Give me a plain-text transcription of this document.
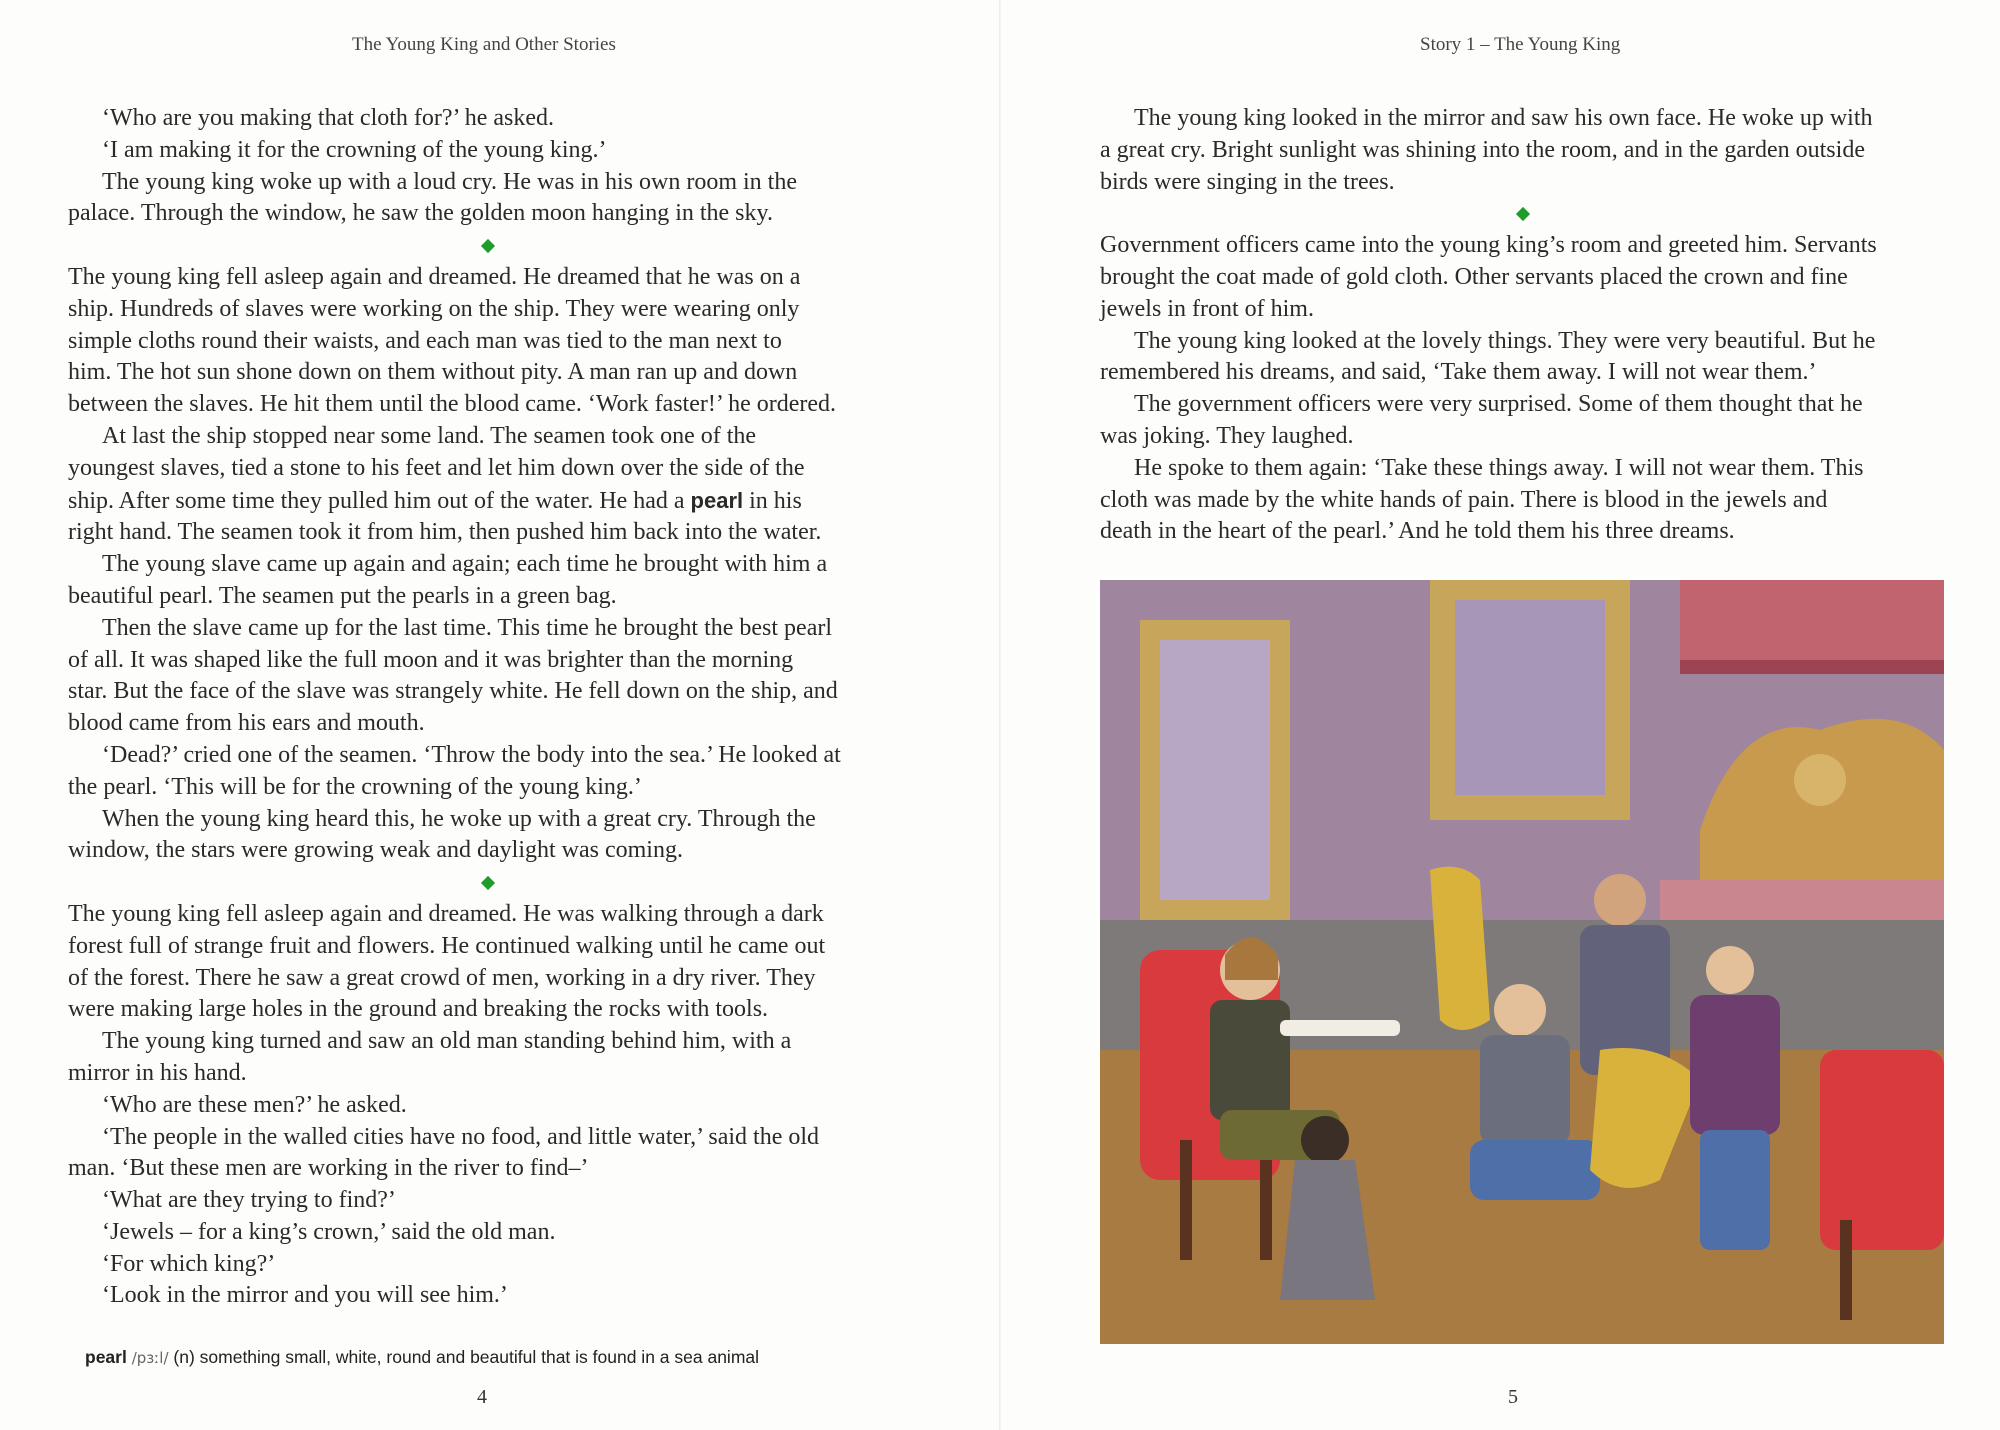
The Young King and Other Stories

‘Who are you making that cloth for?’ he asked.

‘I am making it for the crowning of the young king.’

The young king woke up with a loud cry. He was in his own room in the
palace. Through the window, he saw the golden moon hanging in the sky.

The young king fell asleep again and dreamed. He dreamed that he was on a
ship. Hundreds of slaves were working on the ship. They were wearing only
simple cloths round their waists, and each man was tied to the man next to
him. The hot sun shone down on them without pity. A man ran up and down
between the slaves. He hit them until the blood came. ‘Work faster!’ he ordered.

At last the ship stopped near some land. The seamen took one of the
youngest slaves, tied a stone to his feet and let him down over the side of the
ship. After some time they pulled him out of the water. He had a pearl in his
right hand. The seamen took it from him, then pushed him back into the water.

The young slave came up again and again; each time he brought with him a
beautiful pearl. The seamen put the pearls in a green bag.

Then the slave came up for the last time. This time he brought the best pearl
of all. It was shaped like the full moon and it was brighter than the morning
star. But the face of the slave was strangely white. He fell down on the ship, and
blood came from his ears and mouth.

‘Dead?’ cried one of the seamen. ‘Throw the body into the sea.’ He looked at
the pearl. ‘This will be for the crowning of the young king.’

When the young king heard this, he woke up with a great cry. Through the
window, the stars were growing weak and daylight was coming.

The young king fell asleep again and dreamed. He was walking through a dark
forest full of strange fruit and flowers. He continued walking until he came out
of the forest. There he saw a great crowd of men, working in a dry river. They
were making large holes in the ground and breaking the rocks with tools.

The young king turned and saw an old man standing behind him, with a
mirror in his hand.

‘Who are these men?’ he asked.

‘The people in the walled cities have no food, and little water,’ said the old
man. ‘But these men are working in the river to find–’

‘What are they trying to find?’

‘Jewels – for a king’s crown,’ said the old man.

‘For which king?’

‘Look in the mirror and you will see him.’

pearl /pɜːl/ (n) something small, white, round and beautiful that is found in a sea animal
4
Story 1 – The Young King

The young king looked in the mirror and saw his own face. He woke up with
a great cry. Bright sunlight was shining into the room, and in the garden outside
birds were singing in the trees.

Government officers came into the young king’s room and greeted him. Servants
brought the coat made of gold cloth. Other servants placed the crown and fine
jewels in front of him.

The young king looked at the lovely things. They were very beautiful. But he
remembered his dreams, and said, ‘Take them away. I will not wear them.’

The government officers were very surprised. Some of them thought that he
was joking. They laughed.

He spoke to them again: ‘Take these things away. I will not wear them. This
cloth was made by the white hands of pain. There is blood in the jewels and
death in the heart of the pearl.’ And he told them his three dreams.

5
